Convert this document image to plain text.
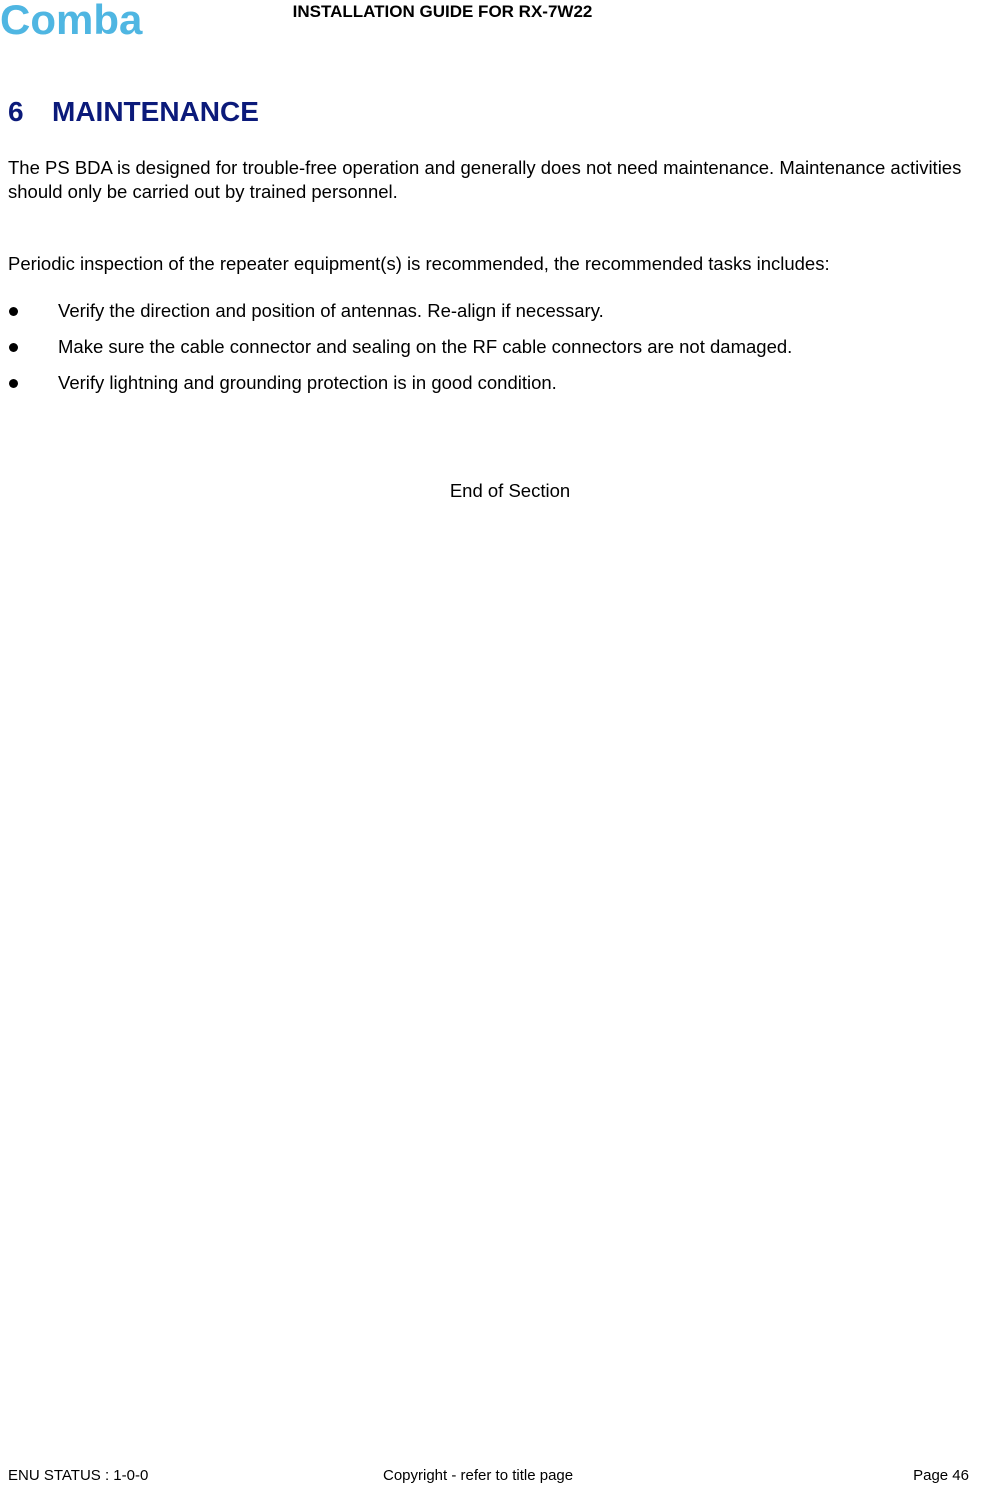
Comba	INSTALLATION GUIDE FOR RX-7W22
6 MAINTENANCE

The PS BDA is designed for trouble-free operation and generally does not need maintenance. Maintenance activities should only be carried out by trained personnel.

Periodic inspection of the repeater equipment(s) is recommended, the recommended tasks includes:

Verify the direction and position of antennas. Re-align if necessary.
Make sure the cable connector and sealing on the RF cable connectors are not damaged.
Verify lightning and grounding protection is in good condition.
End of Section
ENU STATUS : 1-0-0	Copyright - refer to title page	Page 46
